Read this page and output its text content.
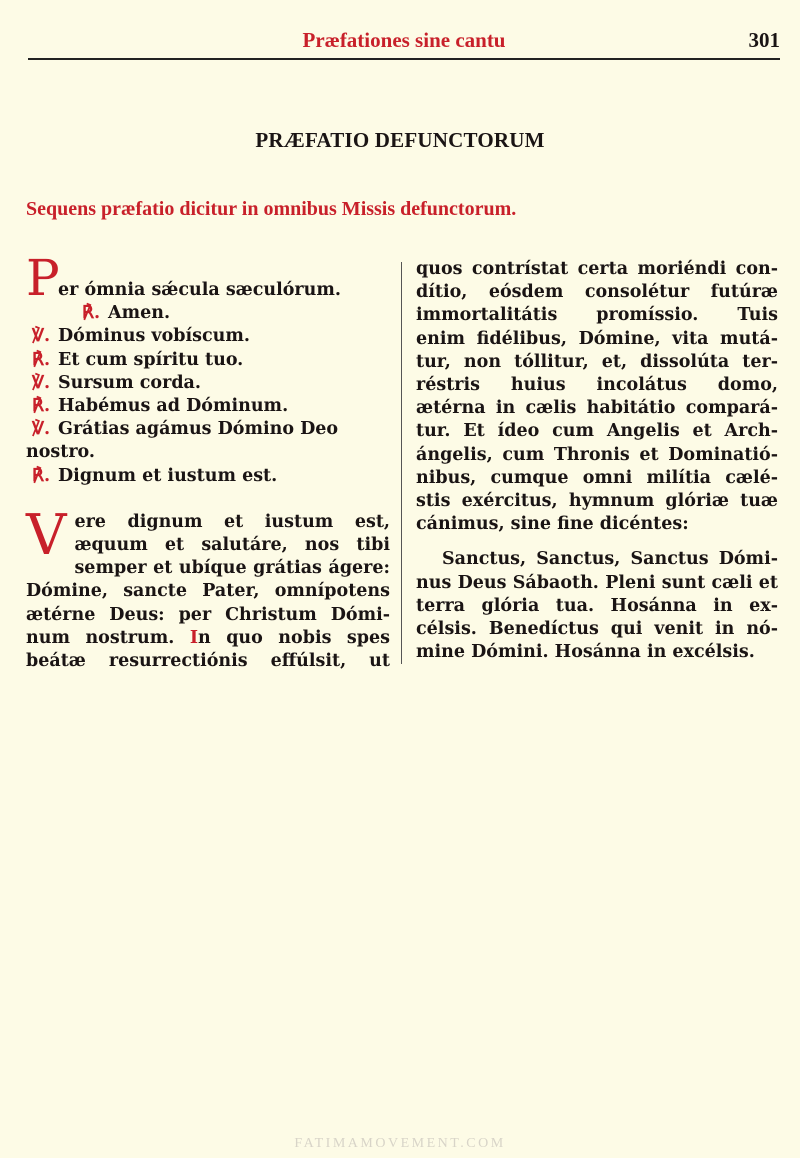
Præfationes sine cantu	301
PRÆFATIO DEFUNCTORUM
Sequens præfatio dicitur in omnibus Missis defunctorum.
P
er ómnia sǽcula sæculórum.
℟. Amen.
℣. Dóminus vobíscum.
℟. Et cum spíritu tuo.
℣. Sursum corda.
℟. Habémus ad Dóminum.
℣. Grátias agámus Dómino Deo
nostro.
℟. Dignum et iustum est.
V ere dignum et iustum est,
æquum et salutáre, nos tibi
semper et ubíque grátias ágere:
Dómine, sancte Pater, omnípotens
ætérne Deus: per Christum Dómi-
num nostrum. In quo nobis spes
beátæ resurrectiónis effúlsit, ut
quos contrístat certa moriéndi con-
dítio, eósdem consolétur futúræ
immortalitátis promíssio. Tuis
enim fidélibus, Dómine, vita mutá-
tur, non tóllitur, et, dissolúta ter-
réstris huius incolátus domo,
ætérna in cælis habitátio compará-
tur. Et ídeo cum Angelis et Arch-
ángelis, cum Thronis et Dominatió-
nibus, cumque omni milítia cælé-
stis exércitus, hymnum glóriæ tuæ
cánimus, sine fine dicéntes:
Sanctus, Sanctus, Sanctus Dóminus Deus Sábaoth. Pleni sunt cæli et terra glória tua. Hosánna in excélsis. Benedíctus qui venit in nómine Dómini. Hosánna in excélsis.
FATIMAMOVEMENT.COM
